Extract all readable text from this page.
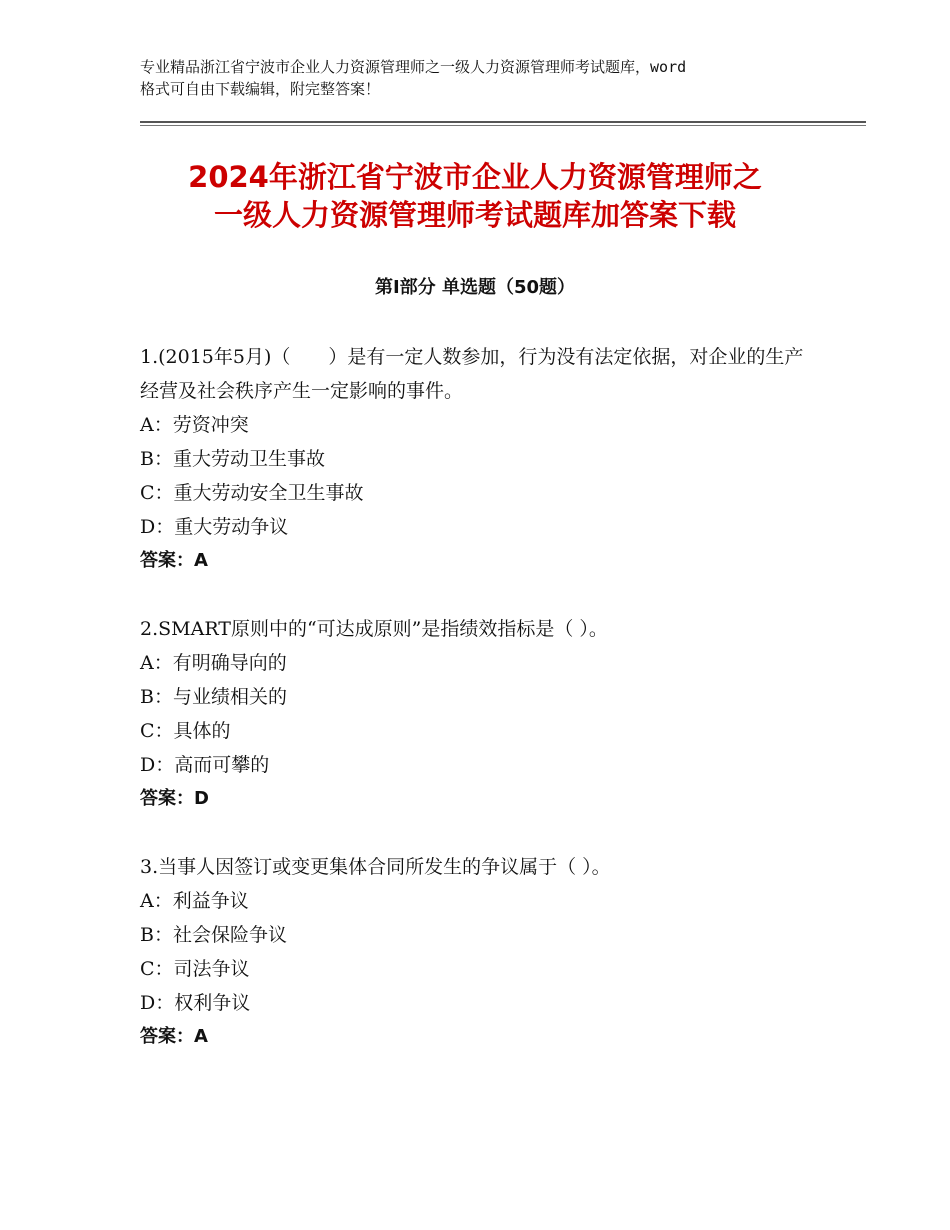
专业精品浙江省宁波市企业人力资源管理师之一级人力资源管理师考试题库，word
格式可自由下载编辑，附完整答案！
2024年浙江省宁波市企业人力资源管理师之
一级人力资源管理师考试题库加答案下载
第Ⅰ部分 单选题（50题）
1.(2015年5月)（　　）是有一定人数参加，行为没有法定依据，对企业的生产经营及社会秩序产生一定影响的事件。
A：劳资冲突
B：重大劳动卫生事故
C：重大劳动安全卫生事故
D：重大劳动争议
答案：A
2.SMART原则中的“可达成原则”是指绩效指标是（ ）。
A：有明确导向的
B：与业绩相关的
C：具体的
D：高而可攀的
答案：D
3.当事人因签订或变更集体合同所发生的争议属于（ ）。
A：利益争议
B：社会保险争议
C：司法争议
D：权利争议
答案：A
